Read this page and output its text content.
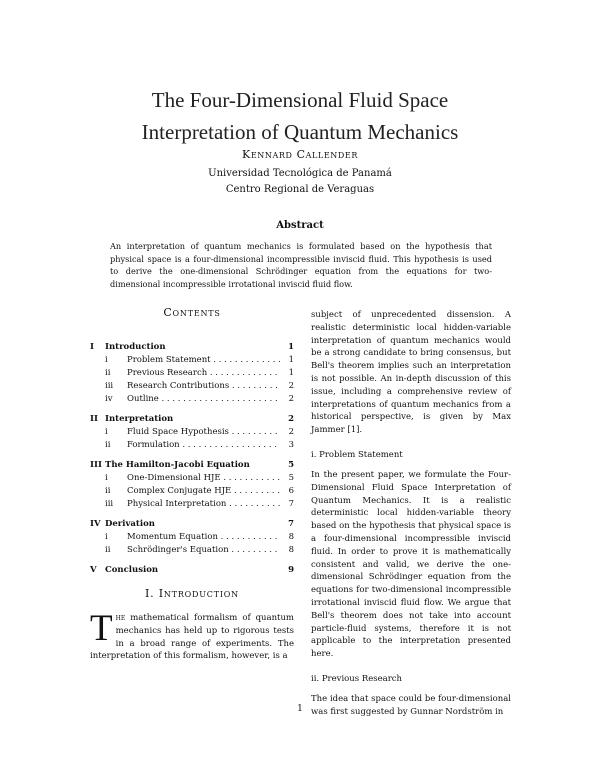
The Four-Dimensional Fluid Space
Interpretation of Quantum Mechanics
Kennard Callender
Universidad Tecnológica de Panamá
Centro Regional de Veraguas
Abstract
An interpretation of quantum mechanics is formulated based on the hypothesis that physical space is a four-dimensional incompressible inviscid fluid. This hypothesis is used to derive the one-dimensional Schrödinger equation from the equations for two-dimensional incompressible irrotational inviscid fluid flow.
Contents
I Introduction	1
i	Problem Statement . . .	1
ii	Previous Research . . .	1
iii	Research Contributions . . .	2
iv	Outline . . .	2
II Interpretation	2
i	Fluid Space Hypothesis . . .	2
ii	Formulation . . .	3
III The Hamilton-Jacobi Equation	5
i	One-Dimensional HJE . . .	5
ii	Complex Conjugate HJE . . .	6
iii	Physical Interpretation . . .	7
IV Derivation	7
i	Momentum Equation . . .	8
ii	Schrödinger's Equation . . .	8
V Conclusion	9
I. Introduction

The mathematical formalism of quantum mechanics has held up to rigorous tests in a broad range of experiments. The interpretation of this formalism, however, is a

subject of unprecedented dissension. A realistic deterministic local hidden-variable interpretation of quantum mechanics would be a strong candidate to bring consensus, but Bell's theorem implies such an interpretation is not possible. An in-depth discussion of this issue, including a comprehensive review of interpretations of quantum mechanics from a historical perspective, is given by Max Jammer [1].

i. Problem Statement

In the present paper, we formulate the Four-Dimensional Fluid Space Interpretation of Quantum Mechanics. It is a realistic deterministic local hidden-variable theory based on the hypothesis that physical space is a four-dimensional incompressible inviscid fluid. In order to prove it is mathematically consistent and valid, we derive the one-dimensional Schrödinger equation from the equations for two-dimensional incompressible irrotational inviscid fluid flow. We argue that Bell's theorem does not take into account particle-fluid systems, therefore it is not applicable to the interpretation presented here.

ii. Previous Research

The idea that space could be four-dimensional was first suggested by Gunnar Nordström in

1
